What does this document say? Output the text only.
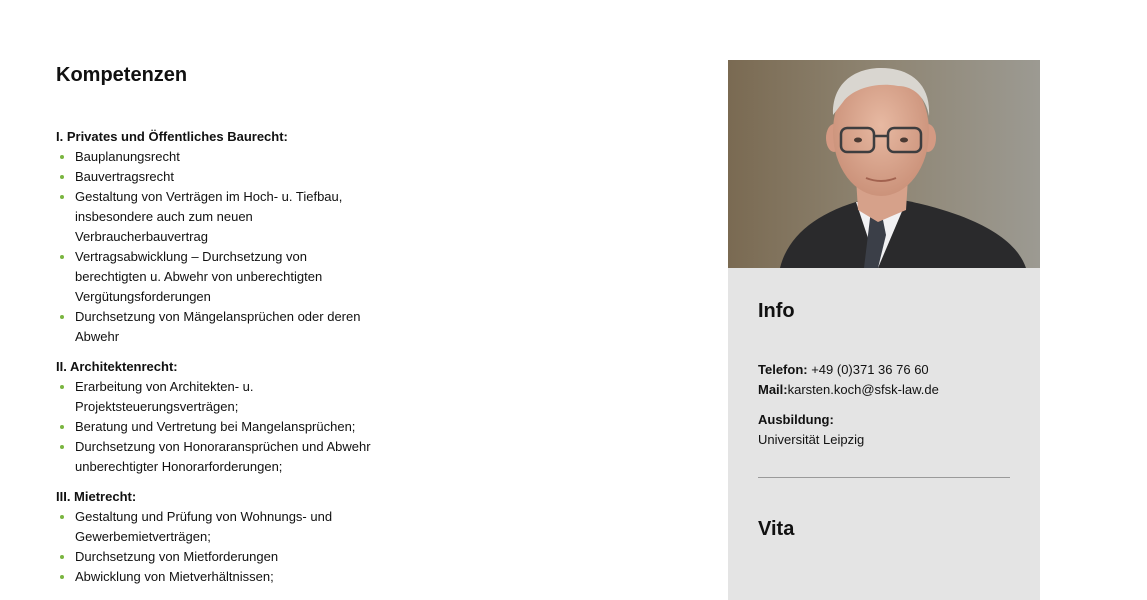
Kompetenzen

I. Privates und Öffentliches Baurecht:

Bauplanungsrecht
Bauvertragsrecht
Gestaltung von Verträgen im Hoch- u. Tiefbau, insbesondere auch zum neuen Verbraucherbauvertrag
Vertragsabwicklung – Durchsetzung von berechtigten u. Abwehr von unberechtigten Vergütungsforderungen
Durchsetzung von Mängelansprüchen oder deren Abwehr

II. Architektenrecht:

Erarbeitung von Architekten- u. Projektsteuerungsverträgen;
Beratung und Vertretung bei Mangelansprüchen;
Durchsetzung von Honoraransprüchen und Abwehr unberechtigter Honorarforderungen;

III. Mietrecht:

Gestaltung und Prüfung von Wohnungs- und Gewerbemietverträgen;
Durchsetzung von Mietforderungen
Abwicklung von Mietverhältnissen;
Info
Telefon: +49 (0)371 36 76 60
Mail:karsten.koch@sfsk-law.de
Ausbildung:
Universität Leipzig
Vita
